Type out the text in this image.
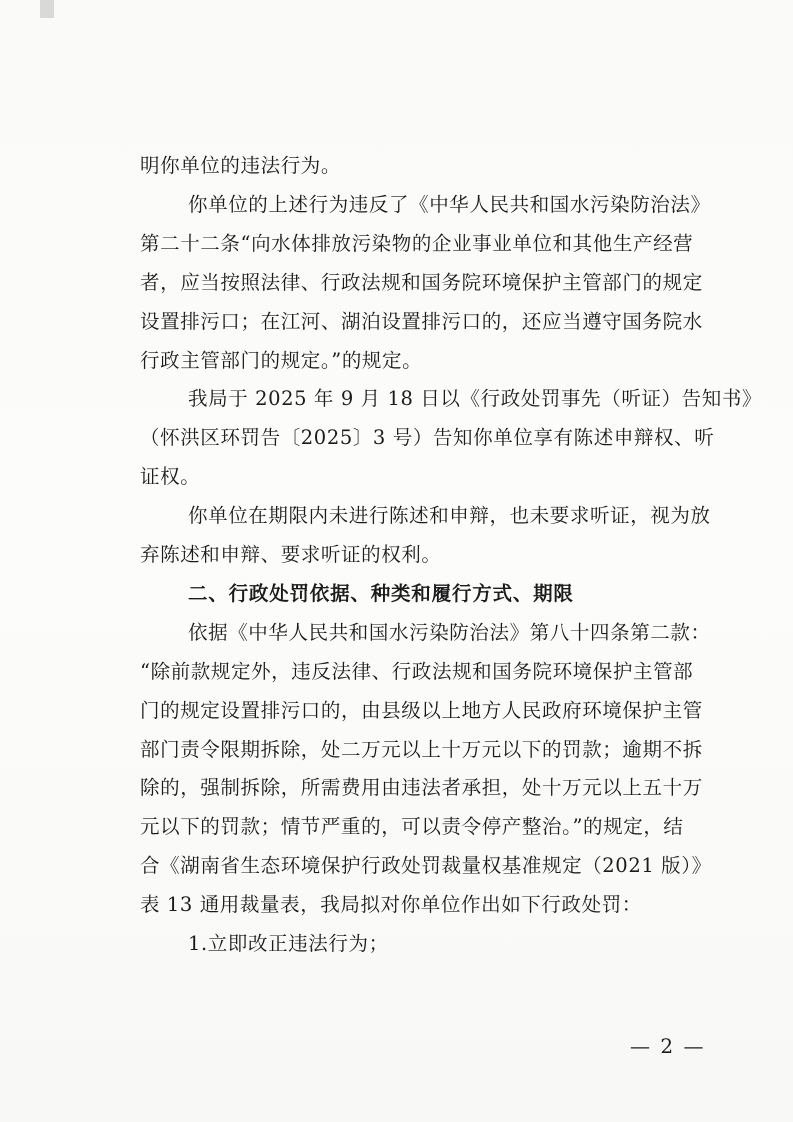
明你单位的违法行为。
你单位的上述行为违反了《中华人民共和国水污染防治法》
第二十二条“向水体排放污染物的企业事业单位和其他生产经营
者，应当按照法律、行政法规和国务院环境保护主管部门的规定
设置排污口；在江河、湖泊设置排污口的，还应当遵守国务院水
行政主管部门的规定。”的规定。
我局于 2025 年 9 月 18 日以《行政处罚事先（听证）告知书》
（怀洪区环罚告〔2025〕3 号）告知你单位享有陈述申辩权、听
证权。
你单位在期限内未进行陈述和申辩，也未要求听证，视为放
弃陈述和申辩、要求听证的权利。
二、行政处罚依据、种类和履行方式、期限
依据《中华人民共和国水污染防治法》第八十四条第二款：
“除前款规定外，违反法律、行政法规和国务院环境保护主管部
门的规定设置排污口的，由县级以上地方人民政府环境保护主管
部门责令限期拆除，处二万元以上十万元以下的罚款；逾期不拆
除的，强制拆除，所需费用由违法者承担，处十万元以上五十万
元以下的罚款；情节严重的，可以责令停产整治。”的规定，结
合《湖南省生态环境保护行政处罚裁量权基准规定（2021 版）》
表 13 通用裁量表，我局拟对你单位作出如下行政处罚：
1.立即改正违法行为；
— 2 —
